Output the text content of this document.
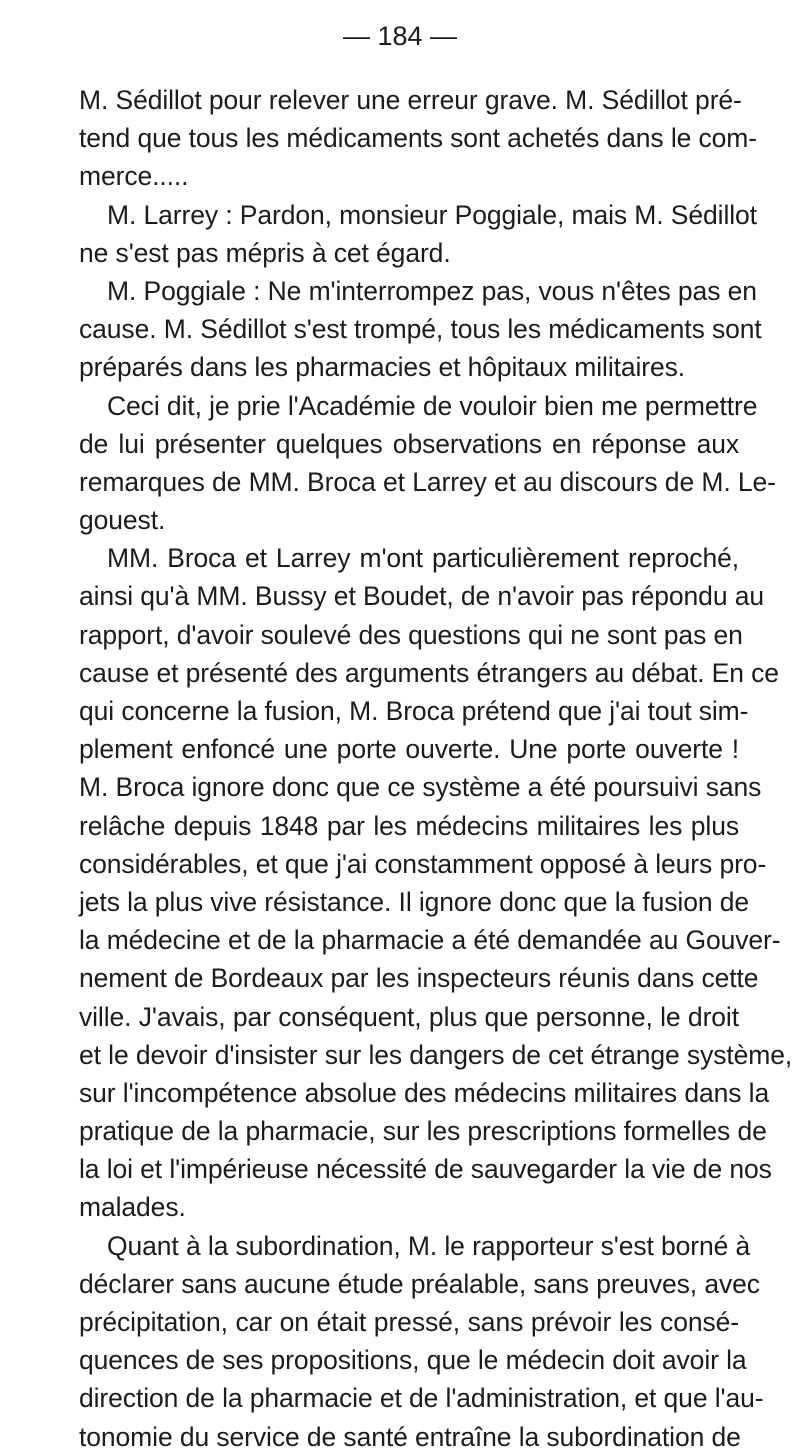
— 184 —
M. Sédillot pour relever une erreur grave. M. Sédillot pré-
tend que tous les médicaments sont achetés dans le com-
merce.....
M. Larrey : Pardon, monsieur Poggiale, mais M. Sédillot
ne s'est pas mépris à cet égard.
M. Poggiale : Ne m'interrompez pas, vous n'êtes pas en
cause. M. Sédillot s'est trompé, tous les médicaments sont
préparés dans les pharmacies et hôpitaux militaires.
Ceci dit, je prie l'Académie de vouloir bien me permettre
de lui présenter quelques observations en réponse aux
remarques de MM. Broca et Larrey et au discours de M. Le-
gouest.
MM. Broca et Larrey m'ont particulièrement reproché,
ainsi qu'à MM. Bussy et Boudet, de n'avoir pas répondu au
rapport, d'avoir soulevé des questions qui ne sont pas en
cause et présenté des arguments étrangers au débat. En ce
qui concerne la fusion, M. Broca prétend que j'ai tout sim-
plement enfoncé une porte ouverte. Une porte ouverte !
M. Broca ignore donc que ce système a été poursuivi sans
relâche depuis 1848 par les médecins militaires les plus
considérables, et que j'ai constamment opposé à leurs pro-
jets la plus vive résistance. Il ignore donc que la fusion de
la médecine et de la pharmacie a été demandée au Gouver-
nement de Bordeaux par les inspecteurs réunis dans cette
ville. J'avais, par conséquent, plus que personne, le droit
et le devoir d'insister sur les dangers de cet étrange système,
sur l'incompétence absolue des médecins militaires dans la
pratique de la pharmacie, sur les prescriptions formelles de
la loi et l'impérieuse nécessité de sauvegarder la vie de nos
malades.
Quant à la subordination, M. le rapporteur s'est borné à
déclarer sans aucune étude préalable, sans preuves, avec
précipitation, car on était pressé, sans prévoir les consé-
quences de ses propositions, que le médecin doit avoir la
direction de la pharmacie et de l'administration, et que l'au-
tonomie du service de santé entraîne la subordination de
